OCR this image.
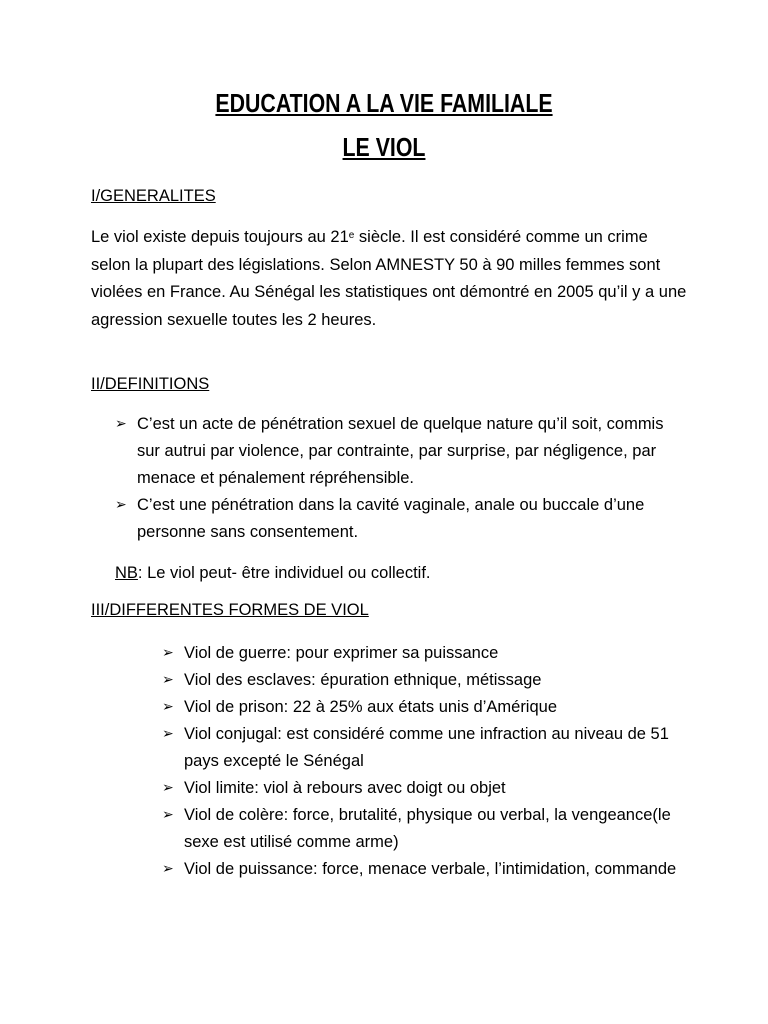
EDUCATION A LA VIE FAMILIALE
LE VIOL
I/GENERALITES
Le viol existe depuis toujours au 21e siècle. Il est considéré comme un crime selon la plupart des législations. Selon AMNESTY 50 à 90 milles femmes sont violées en France. Au Sénégal les statistiques ont démontré en 2005 qu’il y a une agression sexuelle toutes les 2 heures.
II/DEFINITIONS
➢ C’est un acte de pénétration sexuel de quelque nature qu’il soit, commis sur autrui par violence, par contrainte, par surprise, par négligence, par menace et pénalement répréhensible.
➢ C’est une pénétration dans la cavité vaginale, anale ou buccale d’une personne sans consentement.
NB: Le viol peut- être individuel ou collectif.
III/DIFFERENTES FORMES DE VIOL
➢ Viol de guerre: pour exprimer sa puissance
➢ Viol des esclaves: épuration ethnique, métissage
➢ Viol de prison: 22 à 25% aux états unis d’Amérique
➢ Viol conjugal: est considéré comme une infraction au niveau de 51 pays excepté le Sénégal
➢ Viol limite: viol à rebours avec doigt ou objet
➢ Viol de colère: force, brutalité, physique ou verbal, la vengeance(le sexe est utilisé comme arme)
➢ Viol de puissance: force, menace verbale, l’intimidation, commande
